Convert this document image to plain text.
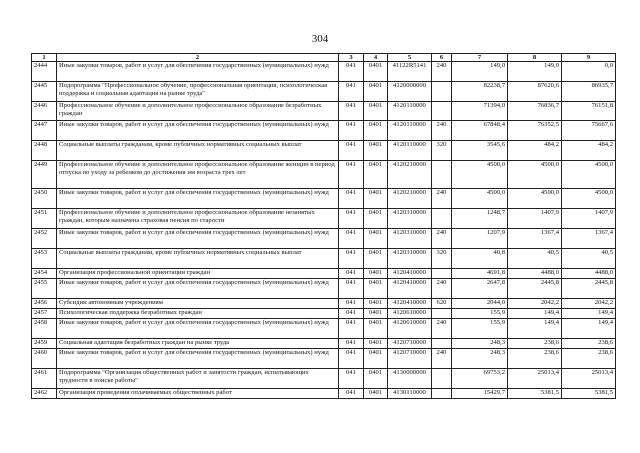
304
1	2	3	4	5	6	7	8	9
2444	Иные закупки товаров, работ и услуг для обеспечения государственных (муниципальных) нужд	041	0401	41122R5141	240	149,0	149,0	0,0
2445	Подпрограмма "Профессиональное обучение, профессиональная ориентация, психологическая поддержка и социальная адаптация на рынке труда"	041	0401	4120000000		82238,7	87620,6	86935,7
2446	Профессиональное обучение и дополнительное профессиональное образование безработных граждан	041	0401	4120110000		71394,0	76836,7	76151,8
2447	Иные закупки товаров, работ и услуг для обеспечения государственных (муниципальных) нужд	041	0401	4120110000	240	67848,4	76352,5	75667,6
2448	Социальные выплаты гражданам, кроме публичных нормативных социальных выплат	041	0401	4120110000	320	3545,6	484,2	484,2
2449	Профессиональное обучение и дополнительное профессиональное образование женщин в период отпуска по уходу за ребенком до достижения им возраста трех лет	041	0401	4120210000		4500,0	4500,0	4500,0
2450	Иные закупки товаров, работ и услуг для обеспечения государственных (муниципальных) нужд	041	0401	4120210000	240	4500,0	4500,0	4500,0
2451	Профессиональное обучение и дополнительное профессиональное образование незанятых граждан, которым назначена страховая пенсия по старости	041	0401	4120310000		1248,7	1407,9	1407,9
2452	Иные закупки товаров, работ и услуг для обеспечения государственных (муниципальных) нужд	041	0401	4120310000	240	1207,9	1367,4	1367,4
2453	Социальные выплаты гражданам, кроме публичных нормативных социальных выплат	041	0401	4120310000	320	40,8	40,5	40,5
2454	Организация профессиональной ориентации граждан	041	0401	4120410000		4691,8	4488,0	4488,0
2455	Иные закупки товаров, работ и услуг для обеспечения государственных (муниципальных) нужд	041	0401	4120410000	240	2647,8	2445,8	2445,8
2456	Субсидии автономным учреждениям	041	0401	4120410000	620	2044,0	2042,2	2042,2
2457	Психологическая поддержка безработных граждан	041	0401	4120610000		155,9	149,4	149,4
2458	Иные закупки товаров, работ и услуг для обеспечения государственных (муниципальных) нужд	041	0401	4120610000	240	155,9	149,4	149,4
2459	Социальная адаптация безработных граждан на рынке труда	041	0401	4120710000		248,3	238,6	238,6
2460	Иные закупки товаров, работ и услуг для обеспечения государственных (муниципальных) нужд	041	0401	4120710000	240	248,3	238,6	238,6
2461	Подпрограмма "Организация общественных работ и занятости граждан, испытывающих трудности в поиске работы"	041	0401	4130000000		69753,2	25013,4	25013,4
2462	Организация проведения оплачиваемых общественных работ	041	0401	4130110000		15429,7	5381,5	5381,5
